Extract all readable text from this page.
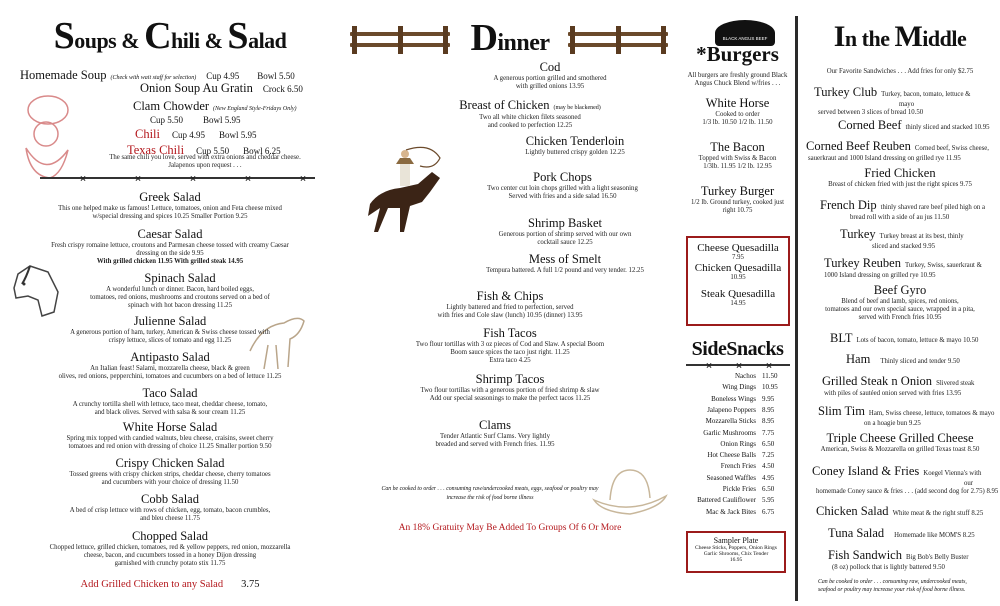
Soups & Chili & Salad
Homemade Soup (Check with wait staff for selection) Cup 4.95 Bowl 5.50
Onion Soup Au Gratin Crock 6.50
Clam Chowder (New England Style-Fridays Only)
Cup 5.50 Bowl 5.95
Chili Cup 4.95 Bowl 5.95
Texas Chili Cup 5.50 Bowl 6.25
The same chili you love, served with extra onions and cheddar cheese.
Jalapenos upon request . . .
Greek Salad
This one helped make us famous! Lettuce, tomatoes, onion and Feta cheese mixed
w/special dressing and spices 10.25 Smaller Portion 9.25
Caesar Salad
Fresh crispy romaine lettuce, croutons and Parmesan cheese tossed with creamy Caesar
dressing on the side 9.95
With grilled chicken 11.95 With grilled steak 14.95
Spinach Salad
A wonderful lunch or dinner. Bacon, hard boiled eggs,
tomatoes, red onions, mushrooms and croutons served on a bed of
spinach with hot bacon dressing 11.25
Julienne Salad
A generous portion of ham, turkey, American & Swiss cheese tossed with
crispy lettuce, slices of tomato and egg 11.25
Antipasto Salad
An Italian feast! Salami, mozzarella cheese, black & green
olives, red onions, pepperchini, tomatoes and cucumbers on a bed of lettuce 11.25
Taco Salad
A crunchy tortilla shell with lettuce, taco meat, cheddar cheese, tomato,
and black olives. Served with salsa & sour cream 11.25
White Horse Salad
Spring mix topped with candied walnuts, bleu cheese, craisins, sweet cherry
tomatoes and red onion with dressing of choice 11.25 Smaller portion 9.50
Crispy Chicken Salad
Tossed greens with crispy chicken strips, cheddar cheese, cherry tomatoes
and cucumbers with your choice of dressing 11.50
Cobb Salad
A bed of crisp lettuce with rows of chicken, egg, tomato, bacon crumbles,
and bleu cheese 11.75
Chopped Salad
Chopped lettuce, grilled chicken, tomatoes, red & yellow peppers, red onion, mozzarella
cheese, bacon, and cucumbers tossed in a honey Dijon dressing
garnished with crunchy potato stix 11.75
Add Grilled Chicken to any Salad 3.75
Dinner
Cod
A generous portion grilled and smothered
with grilled onions 13.95
Breast of Chicken (may be blackened)
Two all white chicken filets seasoned
and cooked to perfection 12.25
Chicken Tenderloin
Lightly buttered crispy golden 12.25
Pork Chops
Two center cut loin chops grilled with a light seasoning
Served with fries and a side salad 16.50
Shrimp Basket
Generous portion of shrimp served with our own
cocktail sauce 12.25
Mess of Smelt
Tempura battered. A full 1/2 pound and very tender. 12.25
Fish & Chips
Lightly battered and fried to perfection, served
with fries and Cole slaw (lunch) 10.95 (dinner) 13.95
Fish Tacos
Two flour tortillas with 3 oz pieces of Cod and Slaw. A special Boom
Boom sauce spices the taco just right. 11.25
Extra taco 4.25
Shrimp Tacos
Two flour tortillas with a generous portion of fried shrimp & slaw
Add our special seasonings to make the perfect tacos 11.25
Clams
Tender Atlantic Surf Clams. Very lightly
breaded and served with French fries. 11.95
Can be cooked to order . . . consuming raw/undercooked meats, eggs, seafood or poultry may
increase the risk of food borne illness
An 18% Gratuity May Be Added To Groups Of 6 Or More
BLACK ANGUS BEEF
*Burgers
All burgers are freshly ground Black Angus Chuck Blend w/fries . . .
White Horse
Cooked to order
1/3 lb. 10.50 1/2 lb. 11.50
The Bacon
Topped with Swiss & Bacon
1/3lb. 11.95 1/2 lb. 12.95
Turkey Burger
1/2 lb. Ground turkey, cooked just
right 10.75
Cheese Quesadilla
7.95
Chicken Quesadilla
10.95
Steak Quesadilla
14.95
SideSnacks
Nachos 11.50
Wing Dings 10.95
Boneless Wings 9.95
Jalapeno Poppers 8.95
Mozzarella Sticks 8.95
Garlic Mushrooms 7.75
Onion Rings 6.50
Hot Cheese Balls 7.25
French Fries 4.50
Seasoned Waffles 4.95
Pickle Fries 6.50
Battered Cauliflower 5.95
Mac & Jack Bites 6.75
Sampler Plate
Cheese Sticks, Poppers, Onion Rings
Garlic Shrooms, Chix Tender
16.95
In the Middle
Our Favorite Sandwiches . . . Add fries for only $2.75
Turkey Club Turkey, bacon, tomato, lettuce &
mayo
served between 3 slices of bread 10.50
Corned Beef thinly sliced and stacked 10.95
Corned Beef Reuben Corned beef, Swiss cheese,
sauerkraut and 1000 Island dressing on grilled rye 11.95
Fried Chicken
Breast of chicken fried with just the right spices 9.75
French Dip thinly shaved rare beef piled high on a
bread roll with a side of au jus 11.50
Turkey Turkey breast at its best, thinly
sliced and stacked 9.95
Turkey Reuben Turkey, Swiss, sauerkraut &
1000 Island dressing on grilled rye 10.95
Beef Gyro
Blend of beef and lamb, spices, red onions,
tomatoes and our own special sauce, wrapped in a pita,
served with French fries 10.95
BLT Lots of bacon, tomato, lettuce & mayo 10.50
Ham Thinly sliced and tender 9.50
Grilled Steak n Onion Slivered steak
with piles of sautéed onion served with fries 13.95
Slim Tim Ham, Swiss cheese, lettuce, tomatoes & mayo
on a hoagie bun 9.25
Triple Cheese Grilled Cheese
American, Swiss & Mozzarella on grilled Texas toast 8.50
Coney Island & Fries Koegel Vienna's with
our
homemade Coney sauce & fries . . . (add second dog for 2.75) 8.95
Chicken Salad White meat & the right stuff 8.25
Tuna Salad Homemade like MOM'S 8.25
Fish Sandwich Big Bob's Belly Buster
(8 oz) pollock that is lightly battered 9.50
Can be cooked to order . . . consuming raw, undercooked meats,
seafood or poultry may increase your risk of food borne illness.
